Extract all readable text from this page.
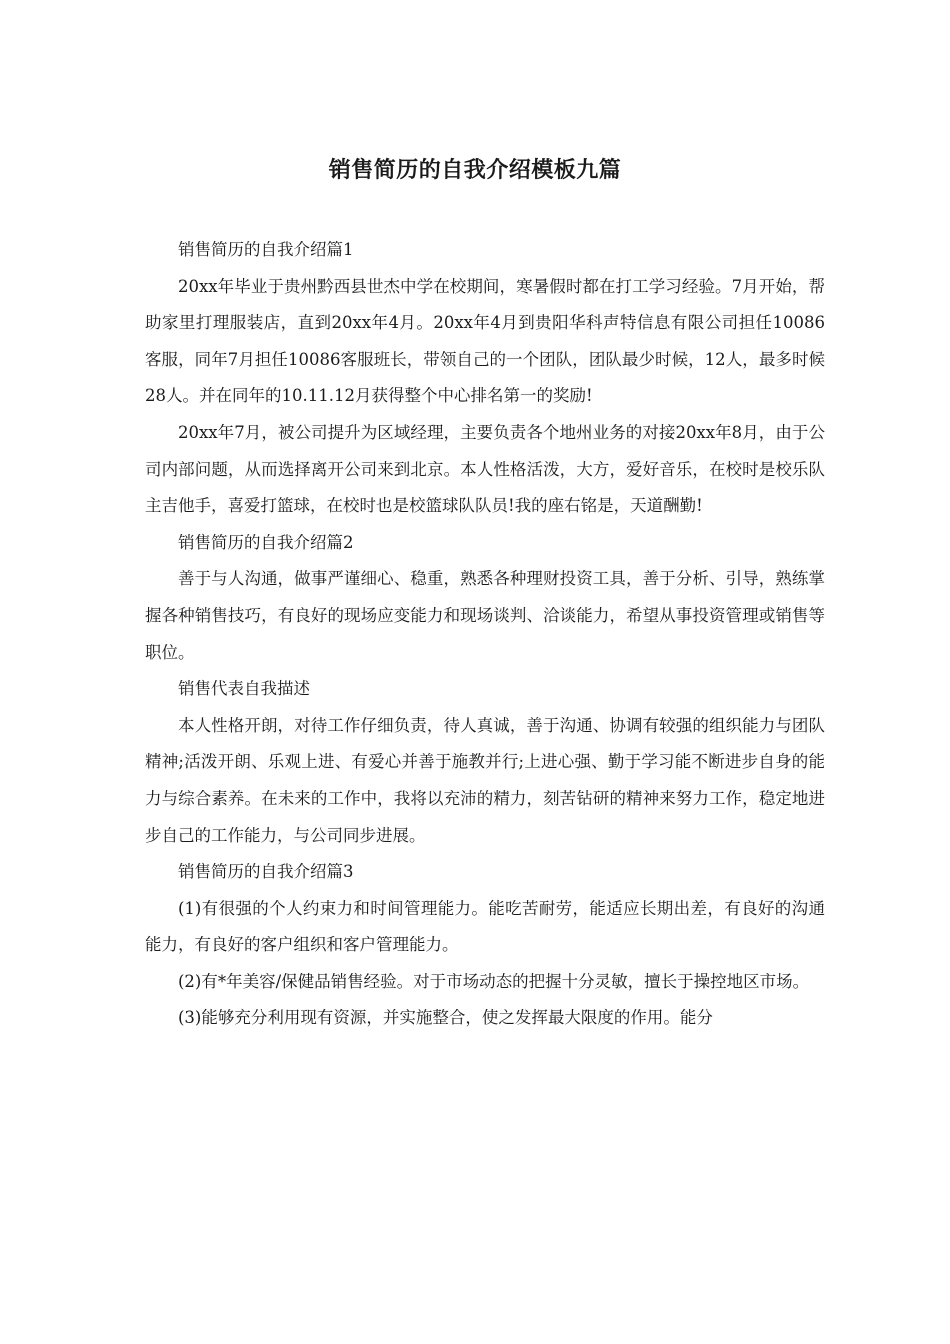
销售简历的自我介绍模板九篇

销售简历的自我介绍篇1

20xx年毕业于贵州黔西县世杰中学在校期间，寒暑假时都在打工学习经验。7月开始，帮助家里打理服装店，直到20xx年4月。20xx年4月到贵阳华科声特信息有限公司担任10086客服，同年7月担任10086客服班长，带领自己的一个团队，团队最少时候，12人，最多时候28人。并在同年的10.11.12月获得整个中心排名第一的奖励!

20xx年7月，被公司提升为区域经理，主要负责各个地州业务的对接20xx年8月，由于公司内部问题，从而选择离开公司来到北京。本人性格活泼，大方，爱好音乐，在校时是校乐队主吉他手，喜爱打篮球，在校时也是校篮球队队员!我的座右铭是，天道酬勤!

销售简历的自我介绍篇2

善于与人沟通，做事严谨细心、稳重，熟悉各种理财投资工具，善于分析、引导，熟练掌握各种销售技巧，有良好的现场应变能力和现场谈判、洽谈能力，希望从事投资管理或销售等职位。

销售代表自我描述

本人性格开朗，对待工作仔细负责，待人真诚，善于沟通、协调有较强的组织能力与团队精神;活泼开朗、乐观上进、有爱心并善于施教并行;上进心强、勤于学习能不断进步自身的能力与综合素养。在未来的工作中，我将以充沛的精力，刻苦钻研的精神来努力工作，稳定地进步自己的工作能力，与公司同步进展。

销售简历的自我介绍篇3

(1)有很强的个人约束力和时间管理能力。能吃苦耐劳，能适应长期出差，有良好的沟通能力，有良好的客户组织和客户管理能力。

(2)有*年美容/保健品销售经验。对于市场动态的把握十分灵敏，擅长于操控地区市场。

(3)能够充分利用现有资源，并实施整合，使之发挥最大限度的作用。能分
